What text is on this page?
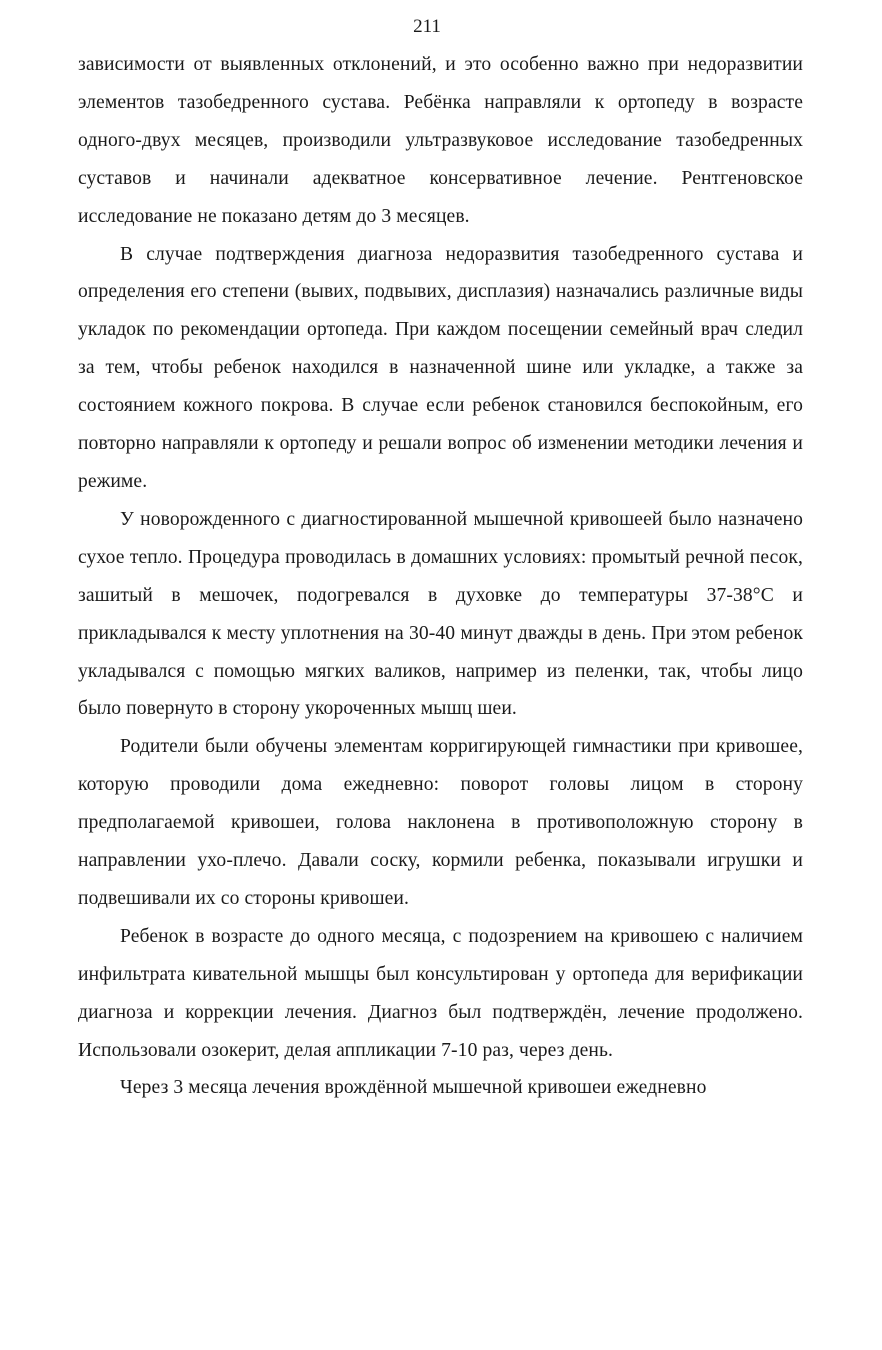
211

зависимости от выявленных отклонений, и это особенно важно при недоразвитии элементов тазобедренного сустава. Ребёнка направляли к ортопеду в возрасте одного-двух месяцев, производили ультразвуковое исследование тазобедренных суставов и начинали адекватное консервативное лечение. Рентгеновское исследование не показано детям до 3 месяцев.

В случае подтверждения диагноза недоразвития тазобедренного сустава и определения его степени (вывих, подвывих, дисплазия) назначались различные виды укладок по рекомендации ортопеда. При каждом посещении семейный врач следил за тем, чтобы ребенок находился в назначенной шине или укладке, а также за состоянием кожного покрова. В случае если ребенок становился беспокойным, его повторно направляли к ортопеду и решали вопрос об изменении методики лечения и режиме.

У новорожденного с диагностированной мышечной кривошеей было назначено сухое тепло. Процедура проводилась в домашних условиях: промытый речной песок, зашитый в мешочек, подогревался в духовке до температуры 37-38°С и прикладывался к месту уплотнения на 30-40 минут дважды в день. При этом ребенок укладывался с помощью мягких валиков, например из пеленки, так, чтобы лицо было повернуто в сторону укороченных мышц шеи.

Родители были обучены элементам корригирующей гимнастики при кривошее, которую проводили дома ежедневно: поворот головы лицом в сторону предполагаемой кривошеи, голова наклонена в противоположную сторону в направлении ухо-плечо. Давали соску, кормили ребенка, показывали игрушки и подвешивали их со стороны кривошеи.

Ребенок в возрасте до одного месяца, с подозрением на кривошею с наличием инфильтрата кивательной мышцы был консультирован у ортопеда для верификации диагноза и коррекции лечения. Диагноз был подтверждён, лечение продолжено. Использовали озокерит, делая аппликации 7-10 раз, через день.

Через 3 месяца лечения врождённой мышечной кривошеи ежедневно
